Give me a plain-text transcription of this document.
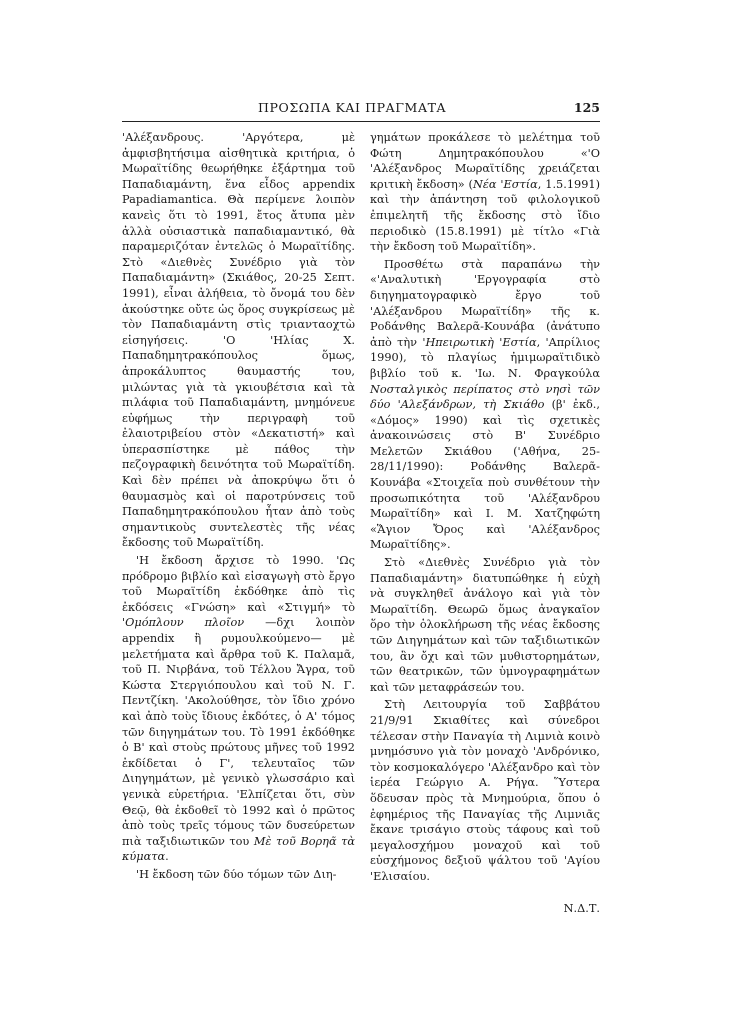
ΠΡΟΣΩΠΑ ΚΑΙ ΠΡΑΓΜΑΤΑ	125

'Αλέξανδρους. 'Αργότερα, μὲ ἀμφισβητήσιμα αἰσθητικὰ κριτήρια, ὁ Μωραϊτίδης θεωρήθηκε ἐξάρτημα τοῦ Παπαδιαμάντη, ἕνα εἶδος appendix Papadiamantica. Θὰ περίμενε λοιπὸν κανεὶς ὅτι τὸ 1991, ἔτος ἄτυπα μὲν ἀλλὰ οὐσιαστικὰ παπαδιαμαντικό, θὰ παραμεριζόταν ἐντελῶς ὁ Μωραϊτίδης. Στὸ «Διεθνὲς Συνέδριο γιὰ τὸν Παπαδιαμάντη» (Σκιάθος, 20-25 Σεπτ. 1991), εἶναι ἀλήθεια, τὸ ὄνομά του δὲν ἀκούστηκε οὔτε ὡς ὅρος συγκρίσεως μὲ τὸν Παπαδιαμάντη στὶς τριανταοχτὼ εἰσηγήσεις. 'Ο 'Ηλίας Χ. Παπαδημητρακόπουλος ὅμως, ἀπροκάλυπτος θαυμαστής του, μιλώντας γιὰ τὰ γκιουβέτσια καὶ τὰ πιλάφια τοῦ Παπαδιαμάντη, μνημόνευε εὐφήμως τὴν περιγραφὴ τοῦ ἐλαιοτριβείου στὸν «Δεκατιστή» καὶ ὑπερασπίστηκε μὲ πάθος τὴν πεζογραφικὴ δεινότητα τοῦ Μωραϊτίδη. Καὶ δὲν πρέπει νὰ ἀποκρύψω ὅτι ὁ θαυμασμὸς καὶ οἱ παροτρύνσεις τοῦ Παπαδημητρακόπουλου ἦταν ἀπὸ τοὺς σημαντικοὺς συντελεστὲς τῆς νέας ἔκδοσης τοῦ Μωραϊτίδη.

'Η ἔκδοση ἄρχισε τὸ 1990. 'Ως πρόδρομο βιβλίο καὶ εἰσαγωγὴ στὸ ἔργο τοῦ Μωραϊτίδη ἐκδόθηκε ἀπὸ τὶς ἐκδόσεις «Γνώση» καὶ «Στιγμή» τὸ 'Ομόπλουν πλοῖον —δχι λοιπὸν appendix ἢ ρυμουλκούμενο— μὲ μελετήματα καὶ ἄρθρα τοῦ Κ. Παλαμᾶ, τοῦ Π. Νιρβάνα, τοῦ Τέλλου Ἄγρα, τοῦ Κώστα Στεργιόπουλου καὶ τοῦ Ν. Γ. Πεντζίκη. 'Ακολούθησε, τὸν ἴδιο χρόνο καὶ ἀπὸ τοὺς ἴδιους ἐκδότες, ὁ Α' τόμος τῶν διηγημάτων του. Τὸ 1991 ἐκδόθηκε ὁ Β' καὶ στοὺς πρώτους μῆνες τοῦ 1992 ἐκδίδεται ὁ Γ', τελευταῖος τῶν Διηγημάτων, μὲ γενικὸ γλωσσάριο καὶ γενικὰ εὑρετήρια. 'Ελπίζεται ὅτι, σὺν Θεῷ, θὰ ἐκδοθεῖ τὸ 1992 καὶ ὁ πρῶτος ἀπὸ τοὺς τρεῖς τόμους τῶν δυσεύρετων πιὰ ταξιδιωτικῶν του Μὲ τοῦ Βορηᾶ τὰ κύματα.

'Η ἔκδοση τῶν δύο τόμων τῶν Διη-

γημάτων προκάλεσε τὸ μελέτημα τοῦ Φώτη Δημητρακόπουλου «'Ο 'Αλέξανδρος Μωραϊτίδης χρειάζεται κριτικὴ ἔκδοση» (Νέα 'Εστία, 1.5.1991) καὶ τὴν ἀπάντηση τοῦ φιλολογικοῦ ἐπιμελητῆ τῆς ἔκδοσης στὸ ἴδιο περιοδικὸ (15.8.1991) μὲ τίτλο «Γιὰ τὴν ἔκδοση τοῦ Μωραϊτίδη».

Προσθέτω στὰ παραπάνω τὴν «'Αναλυτικὴ 'Εργογραφία στὸ διηγηματογραφικὸ ἔργο τοῦ 'Αλέξανδρου Μωραϊτίδη» τῆς κ. Ροδάνθης Βαλερᾶ-Κουνάβα (ἀνάτυπο ἀπὸ τὴν 'Ηπειρωτικὴ 'Εστία, 'Απρίλιος 1990), τὸ πλαγίως ἠμιμωραϊτιδικὸ βιβλίο τοῦ κ. 'Ιω. Ν. Φραγκούλα Νοσταλγικὸς περίπατος στὸ νησὶ τῶν δύο 'Αλεξάνδρων, τὴ Σκιάθο (β' ἐκδ., «Δόμος» 1990) καὶ τὶς σχετικὲς ἀνακοινώσεις στὸ Β' Συνέδριο Μελετῶν Σκιάθου ('Αθήνα, 25-28/11/1990): Ροδάνθης Βαλερᾶ-Κουνάβα «Στοιχεῖα ποὺ συνθέτουν τὴν προσωπικότητα τοῦ 'Αλέξανδρου Μωραϊτίδη» καὶ Ι. Μ. Χατζηφώτη «Ἅγιον Ὄρος καὶ 'Αλέξανδρος Μωραϊτίδης».

Στὸ «Διεθνὲς Συνέδριο γιὰ τὸν Παπαδιαμάντη» διατυπώθηκε ἡ εὐχὴ νὰ συγκληθεῖ ἀνάλογο καὶ γιὰ τὸν Μωραϊτίδη. Θεωρῶ ὅμως ἀναγκαῖον ὅρο τὴν ὁλοκλήρωση τῆς νέας ἔκδοσης τῶν Διηγημάτων καὶ τῶν ταξιδιωτικῶν του, ἂν ὄχι καὶ τῶν μυθιστορημάτων, τῶν θεατρικῶν, τῶν ὑμνογραφημάτων καὶ τῶν μεταφράσεών του.

Στὴ Λειτουργία τοῦ Σαββάτου 21/9/91 Σκιαθίτες καὶ σύνεδροι τέλεσαν στὴν Παναγία τὴ Λιμνιὰ κοινὸ μνημόσυνο γιὰ τὸν μοναχὸ 'Ανδρόνικο, τὸν κοσμοκαλόγερο 'Αλέξανδρο καὶ τὸν ἱερέα Γεώργιο Α. Ρήγα. Ὕστερα ὅδευσαν πρὸς τὰ Μνημούρια, ὅπου ὁ ἐφημέριος τῆς Παναγίας τῆς Λιμνιᾶς ἔκανε τρισάγιο στοὺς τάφους καὶ τοῦ μεγαλοσχήμου μοναχοῦ καὶ τοῦ εὐσχήμονος δεξιοῦ ψάλτου τοῦ 'Αγίου 'Ελισαίου.

Ν.Δ.Τ.
